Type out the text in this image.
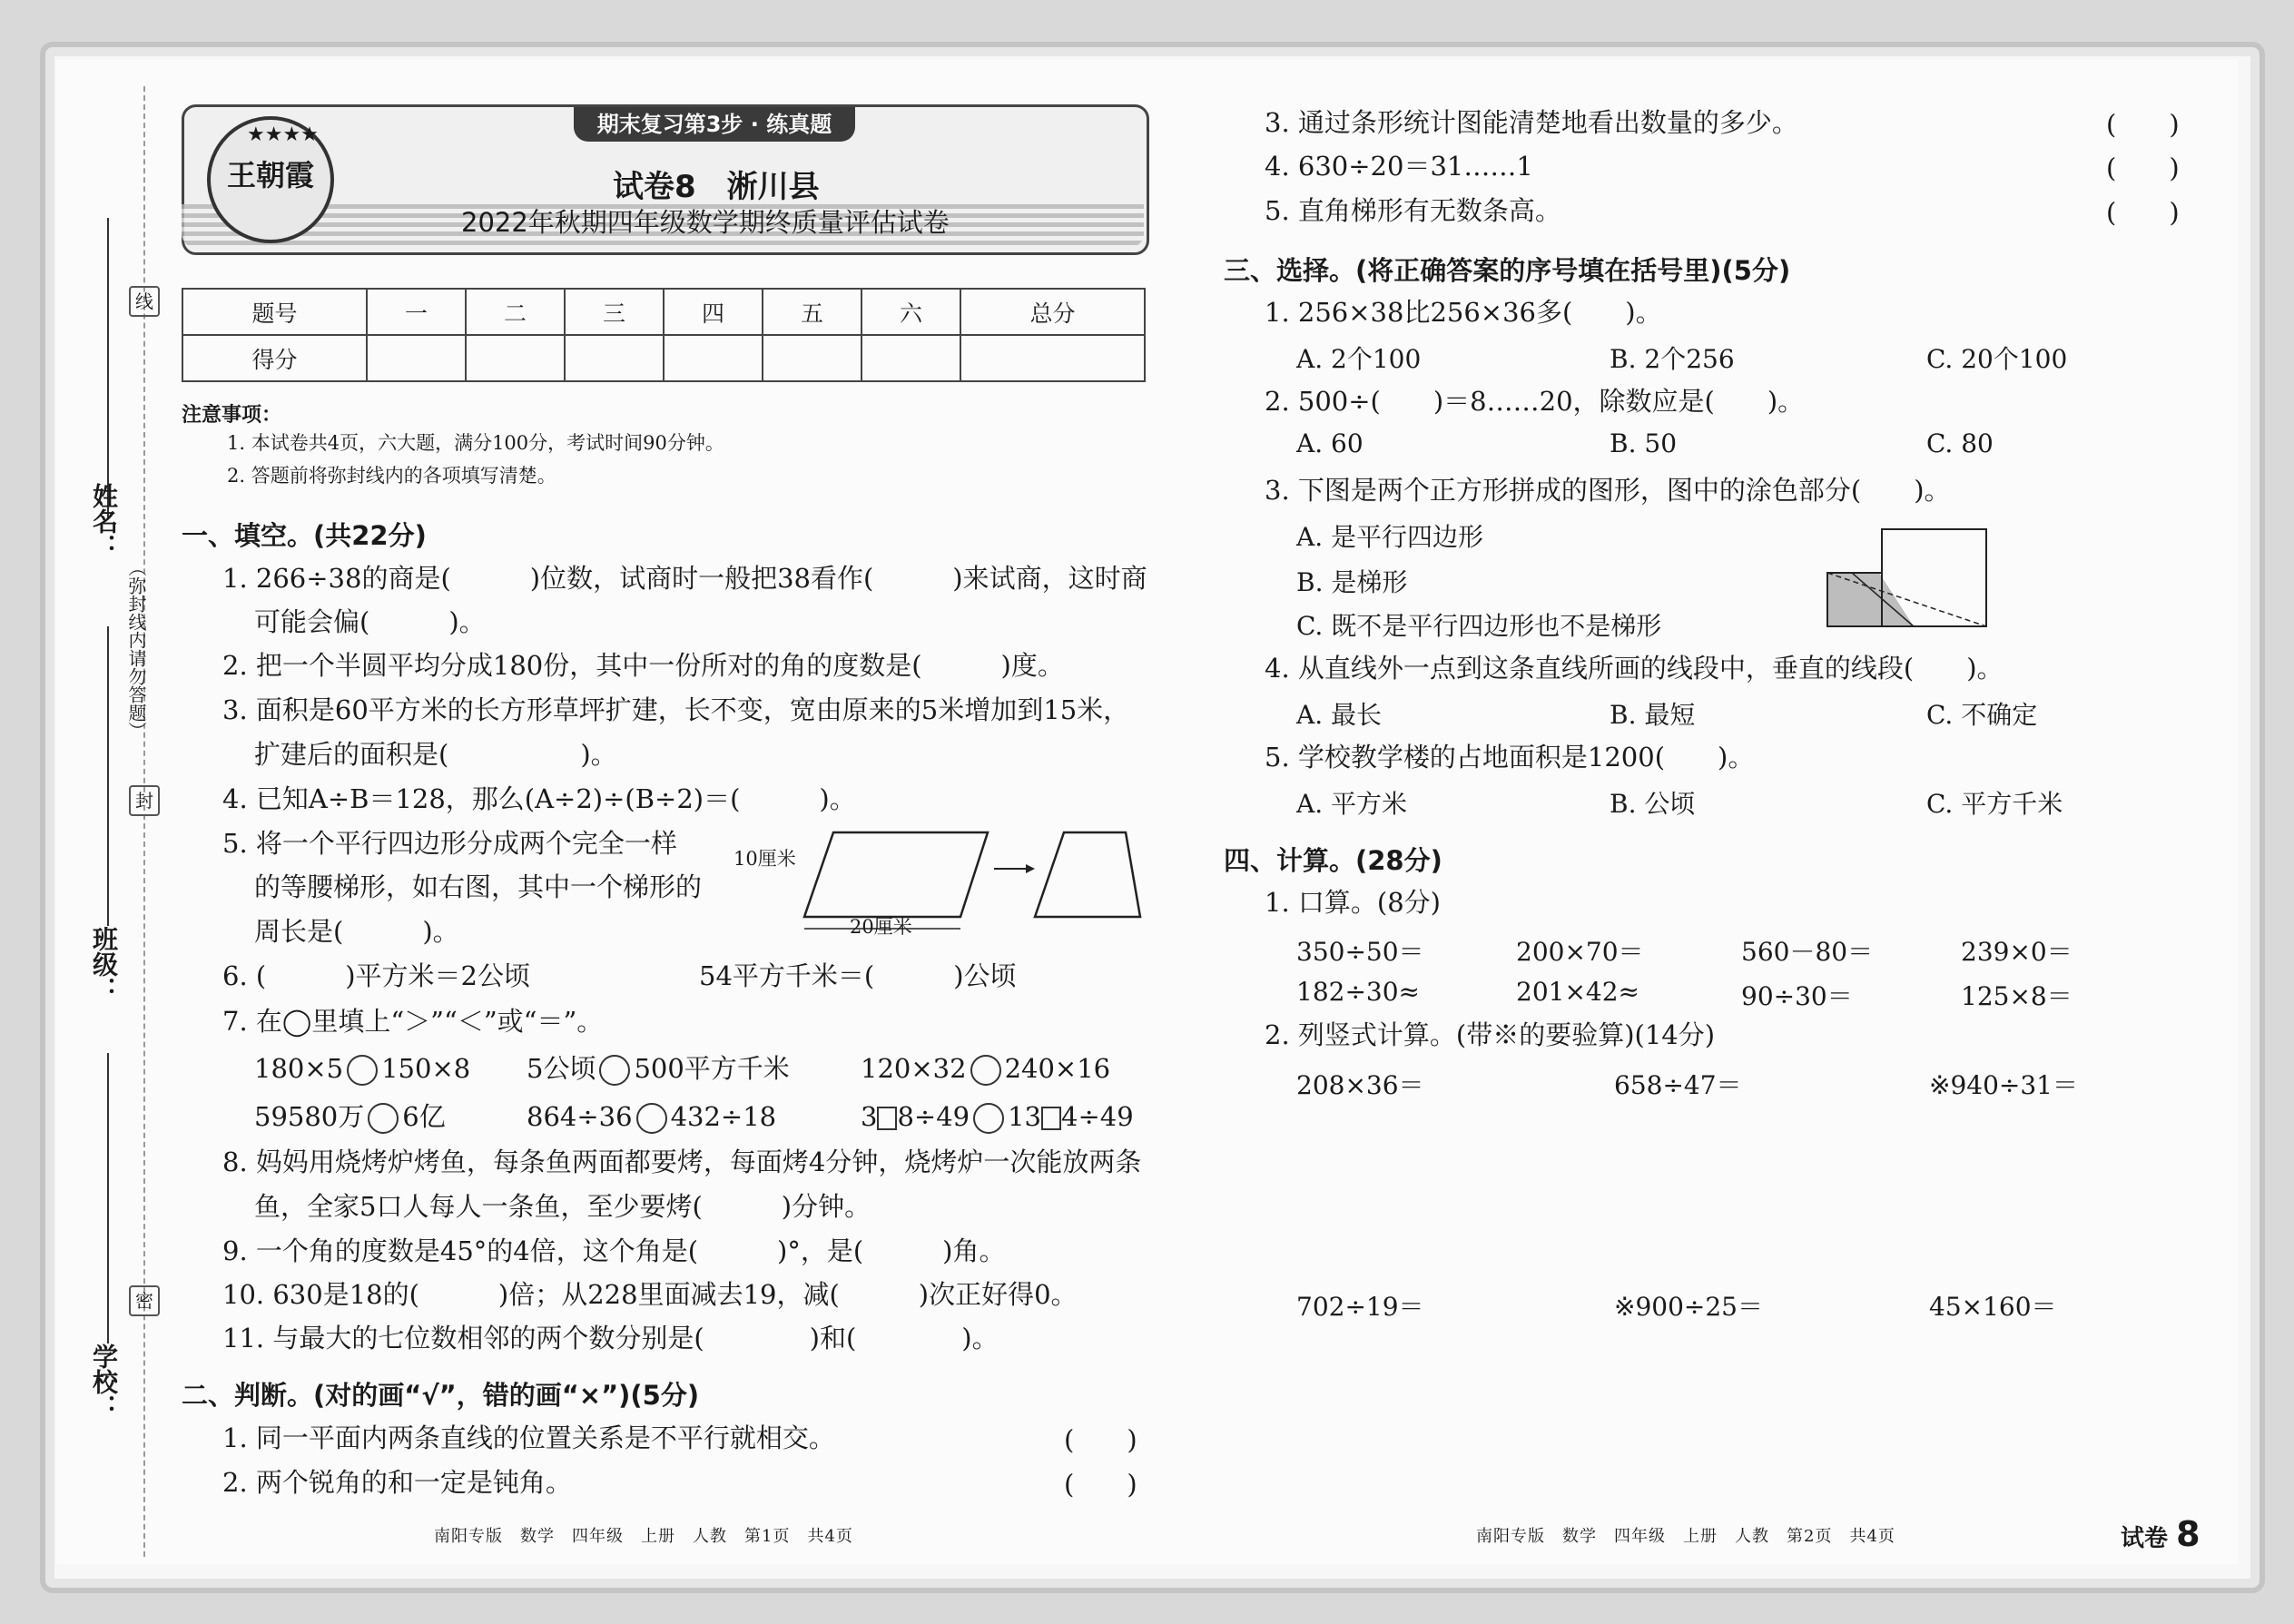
线
封
密
（弥封线内请勿答题）
姓名：
班级：
学校：
期末复习第3步 · 练真题
王朝霞
★★★★
试卷8　淅川县
2022年秋期四年级数学期终质量评估试卷
题号	一	二	三	四	五	六	总分
得分							
注意事项：
1. 本试卷共4页，六大题，满分100分，考试时间90分钟。
2. 答题前将弥封线内的各项填写清楚。
一、填空。(共22分)
1. 266÷38的商是(　　　)位数，试商时一般把38看作(　　　)来试商，这时商
可能会偏(　　　)。
2. 把一个半圆平均分成180份，其中一份所对的角的度数是(　　　)度。
3. 面积是60平方米的长方形草坪扩建，长不变，宽由原来的5米增加到15米，
扩建后的面积是(　　　　　)。
4. 已知A÷B＝128，那么(A÷2)÷(B÷2)＝(　　　)。
5. 将一个平行四边形分成两个完全一样
的等腰梯形，如右图，其中一个梯形的
周长是(　　　)。
10厘米
20厘米
6. (　　　)平方米＝2公顷	54平方千米＝(　　　)公顷
7. 在◯里填上“＞”“＜”或“＝”。
180×5 150×8 5公顷 500平方千米	120×32 240×16
59580万 6亿	864÷36 432÷18	3 8÷49 13 4÷49
8. 妈妈用烧烤炉烤鱼，每条鱼两面都要烤，每面烤4分钟，烧烤炉一次能放两条
鱼，全家5口人每人一条鱼，至少要烤(　　　)分钟。
9. 一个角的度数是45°的4倍，这个角是(　　　)°，是(　　　)角。
10. 630是18的(　　　)倍；从228里面减去19，减(　　　)次正好得0。
11. 与最大的七位数相邻的两个数分别是(　　　　)和(　　　　)。
二、判断。(对的画“√”，错的画“×”)(5分)
1. 同一平面内两条直线的位置关系是不平行就相交。	(　　)
2. 两个锐角的和一定是钝角。	(　　)
3. 通过条形统计图能清楚地看出数量的多少。	(　　)
4. 630÷20＝31……1	(　　)
5. 直角梯形有无数条高。	(　　)
三、选择。(将正确答案的序号填在括号里)(5分)
1. 256×38比256×36多(　　)。
A. 2个100	B. 2个256	C. 20个100
2. 500÷(　　)＝8……20，除数应是(　　)。
A. 60	B. 50	C. 80
3. 下图是两个正方形拼成的图形，图中的涂色部分(　　)。
A. 是平行四边形
B. 是梯形
C. 既不是平行四边形也不是梯形
4. 从直线外一点到这条直线所画的线段中，垂直的线段(　　)。
A. 最长	B. 最短	C. 不确定
5. 学校教学楼的占地面积是1200(　　)。
A. 平方米	B. 公顷	C. 平方千米
四、计算。(28分)
1. 口算。(8分)
350÷50＝	200×70＝	560－80＝	239×0＝
182÷30≈	201×42≈	90÷30＝	125×8＝
2. 列竖式计算。(带※的要验算)(14分)
208×36＝	658÷47＝	※940÷31＝
702÷19＝	※900÷25＝	45×160＝
南阳专版　数学　四年级　上册　人教　第1页　共4页	南阳专版　数学　四年级　上册　人教　第2页　共4页	试卷 8
